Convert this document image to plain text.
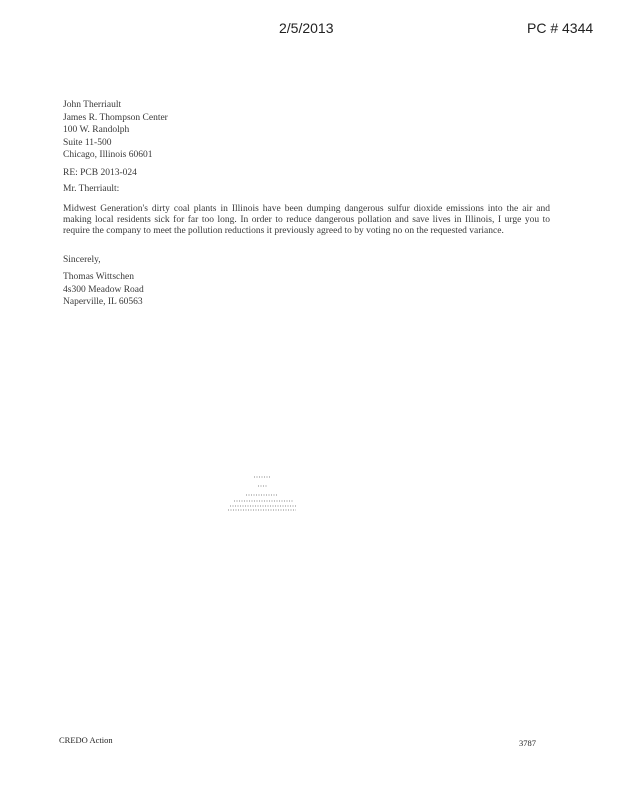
2/5/2013	PC # 4344
John Therriault
James R. Thompson Center
100 W. Randolph
Suite 11-500
Chicago, Illinois 60601
RE: PCB 2013-024
Mr. Therriault:
Midwest Generation's dirty coal plants in Illinois have been dumping dangerous sulfur dioxide emissions into the air and making local residents sick for far too long. In order to reduce dangerous pollation and save lives in Illinois, I urge you to require the company to meet the pollution reductions it previously agreed to by voting no on the requested variance.
Sincerely,
Thomas Wittschen
4s300 Meadow Road
Naperville, IL 60563
CREDO Action	3787
